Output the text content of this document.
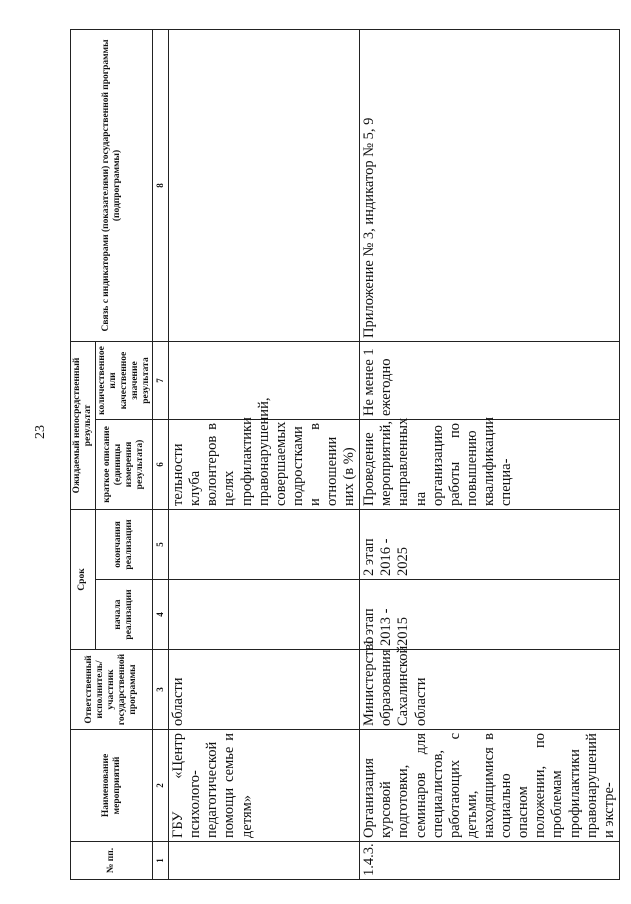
23
№ пп.	Наименование мероприятий	Ответственный исполнитель/ участник государственной программы	Срок		Ожидаемый непосредственный результат		Связь с индикаторами (показателями) государственной программы (подпрограммы)
			начала реализации	окончания реализации	краткое описание (единицы измерения результата)	количественное или качественное значение результата	
1	2	3	4	5	6	7	8
	ГБУ «Центр психолого-педагогической помощи семье и детям»	области			тельности клуба волонтеров в целях профилактики правонарушений, совершаемых подростками и в отношении них (в %)		
1.4.3.	Организация курсовой подготовки, семинаров для специалистов, работающих с детьми, находящимися в социально опасном положении, по проблемам профилактики правонарушений и экстре-	Министерство образования Сахалинской области	1 этап 2013 - 2015	2 этап 2016 - 2025	Проведение мероприятий, направленных на организацию работы по повышению квалификации специа-	Не менее 1 ежегодно	Приложение № 3, индикатор № 5, 9
